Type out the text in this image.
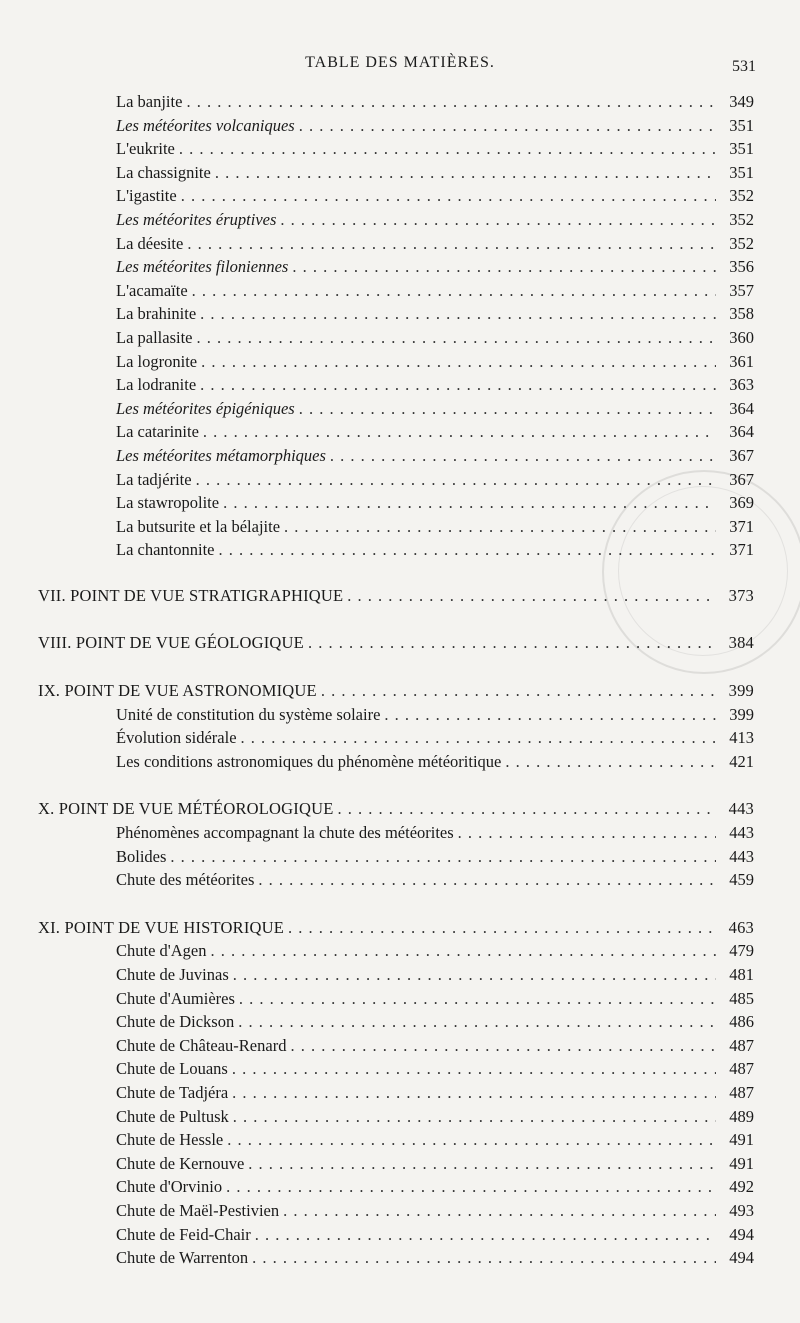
TABLE DES MATIÈRES.	531
La banjite . . .	349
Les météorites volcaniques . . .	351
L'eukrite . . .	351
La chassignite . . .	351
L'igastite . . .	352
Les météorites éruptives . . .	352
La déesite . . .	352
Les météorites filoniennes . . .	356
L'acamaïte . . .	357
La brahinite . . .	358
La pallasite . . .	360
La logronite . . .	361
La lodranite . . .	363
Les météorites épigéniques . . .	364
La catarinite . . .	364
Les météorites métamorphiques . . .	367
La tadjérite . . .	367
La stawropolite . . .	369
La butsurite et la bélajite . . .	371
La chantonnite . . .	371
VII. POINT DE VUE STRATIGRAPHIQUE . . .	373
VIII. POINT DE VUE GÉOLOGIQUE . . .	384
IX. POINT DE VUE ASTRONOMIQUE . . .	399
Unité de constitution du système solaire . . .	399
Évolution sidérale . . .	413
Les conditions astronomiques du phénomène météoritique . . .	421
X. POINT DE VUE MÉTÉOROLOGIQUE . . .	443
Phénomènes accompagnant la chute des météorites . . .	443
Bolides . . .	443
Chute des météorites . . .	459
XI. POINT DE VUE HISTORIQUE . . .	463
Chute d'Agen . . .	479
Chute de Juvinas . . .	481
Chute d'Aumières . . .	485
Chute de Dickson . . .	486
Chute de Château-Renard . . .	487
Chute de Louans . . .	487
Chute de Tadjéra . . .	487
Chute de Pultusk . . .	489
Chute de Hessle . . .	491
Chute de Kernouve . . .	491
Chute d'Orvinio . . .	492
Chute de Maël-Pestivien . . .	493
Chute de Feid-Chair . . .	494
Chute de Warrenton . . .	494
